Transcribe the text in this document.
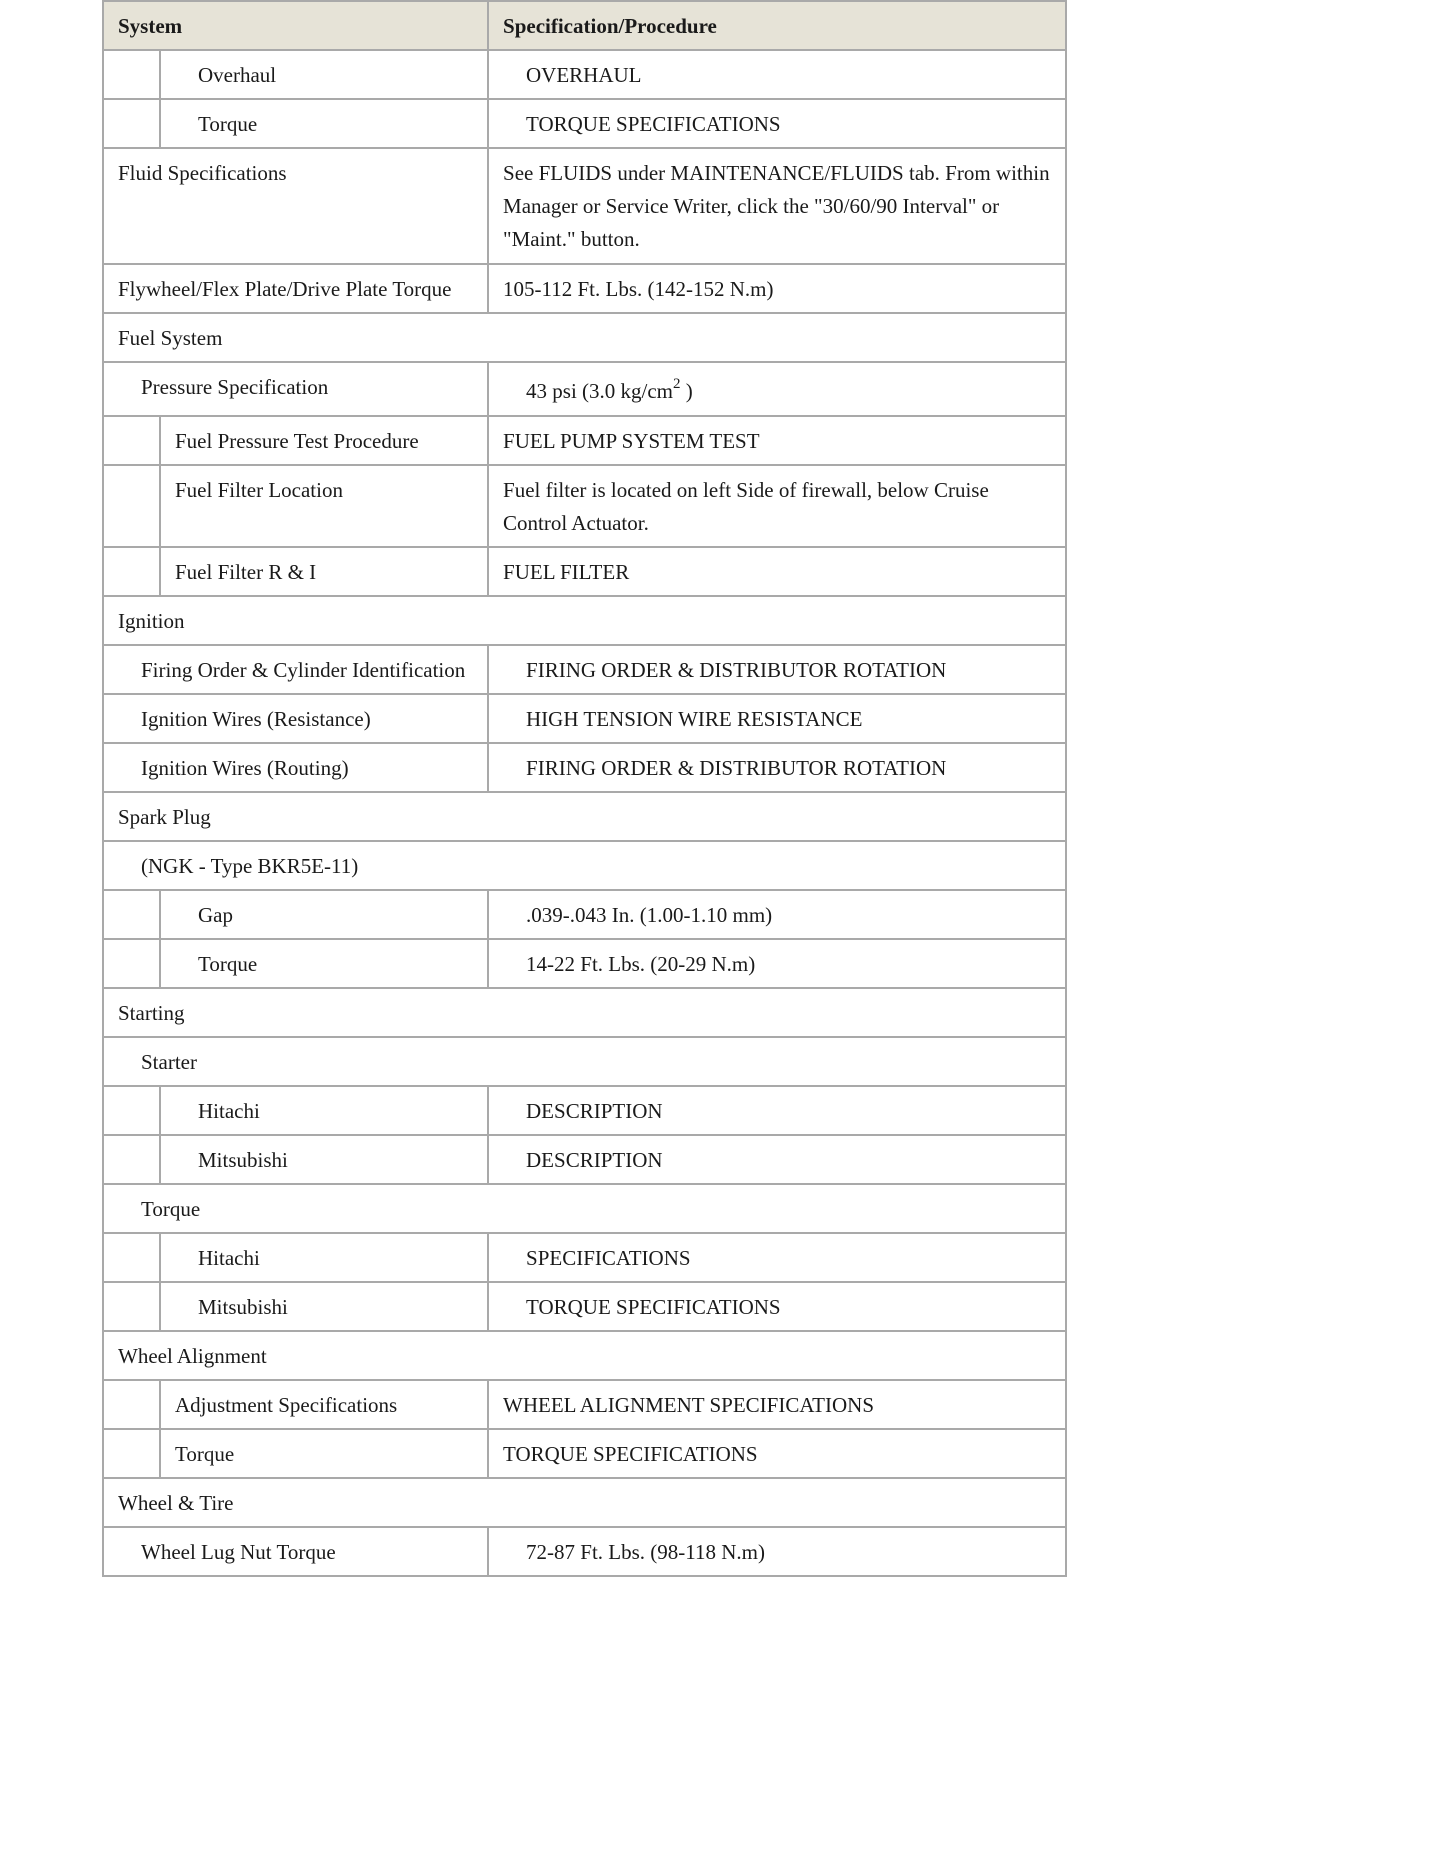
System		Specification/Procedure
	Overhaul	OVERHAUL
	Torque	TORQUE SPECIFICATIONS
Fluid Specifications		See FLUIDS under MAINTENANCE/FLUIDS tab. From within Manager or Service Writer, click the "30/60/90 Interval" or "Maint." button.
Flywheel/Flex Plate/Drive Plate Torque		105-112 Ft. Lbs. (142-152 N.m)
Fuel System		
Pressure Specification		43 psi (3.0 $kg/cm^2$ )
	Fuel Pressure Test Procedure	FUEL PUMP SYSTEM TEST
	Fuel Filter Location	Fuel filter is located on left Side of firewall, below Cruise Control Actuator.
	Fuel Filter R & I	FUEL FILTER
Ignition		
Firing Order & Cylinder Identification		FIRING ORDER & DISTRIBUTOR ROTATION
Ignition Wires (Resistance)		HIGH TENSION WIRE RESISTANCE
Ignition Wires (Routing)		FIRING ORDER & DISTRIBUTOR ROTATION
Spark Plug		
(NGK - Type BKR5E-11)		
	Gap	.039-.043 In. (1.00-1.10 mm)
	Torque	14-22 Ft. Lbs. (20-29 N.m)
Starting		
Starter		
	Hitachi	DESCRIPTION
	Mitsubishi	DESCRIPTION
Torque		
	Hitachi	SPECIFICATIONS
	Mitsubishi	TORQUE SPECIFICATIONS
Wheel Alignment		
	Adjustment Specifications	WHEEL ALIGNMENT SPECIFICATIONS
	Torque	TORQUE SPECIFICATIONS
Wheel & Tire		
Wheel Lug Nut Torque		72-87 Ft. Lbs. (98-118 N.m)
